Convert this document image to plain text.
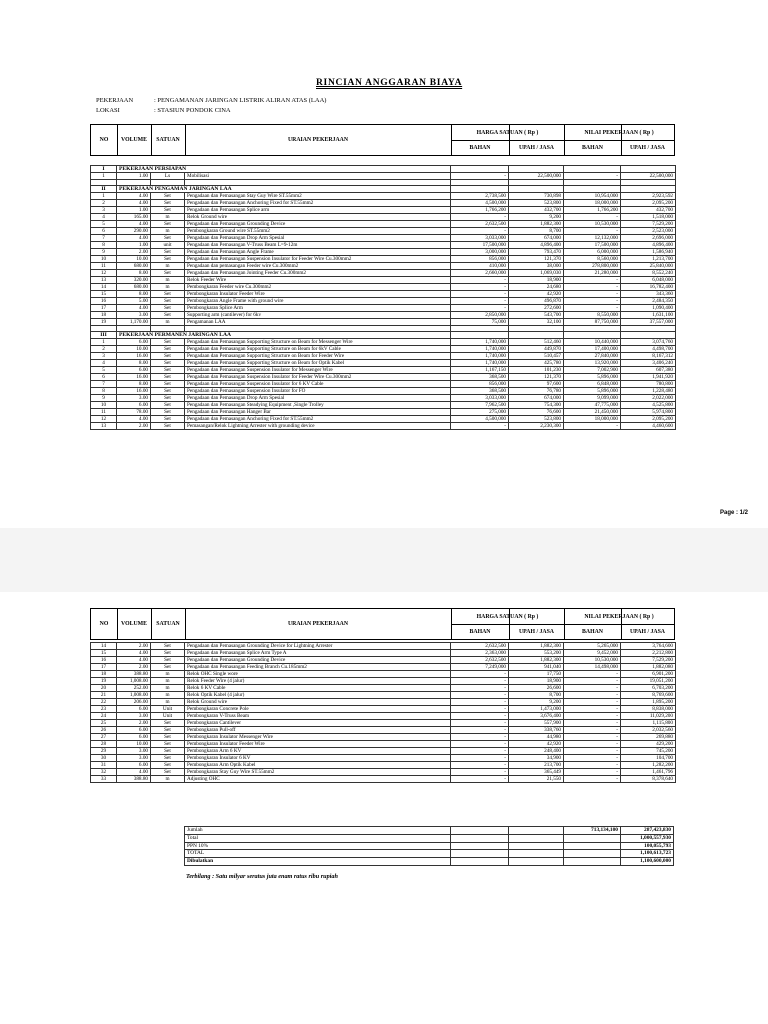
RINCIAN ANGGARAN BIAYA
PEKERJAAN	: PENGAMANAN JARINGAN LISTRIK ALIRAN ATAS (LAA)
LOKASI	: STASIUN PONDOK CINA
NO	VOLUME	SATUAN	URAIAN PEKERJAAN
HARGA SATUAN ( Rp )	NILAI PEKERJAAN ( Rp )
BAHAN	UPAH / JASA	BAHAN	UPAH / JASA
I	PEKERJAAN PERSIAPAN						
1	1.00	Ls	Mobilisasi	-	22,500,000	-	22,500,000

II	PEKERJAAN PENGAMAN JARINGAN LAA						
1	4.00	Set	Pengadaan dan Pemasangan Stay Guy Wire ST.55mm2	2,738,500	730,898	10,954,000	2,923,592
2	4.00	Set	Pengadaan dan Pemasangan Anchoring Fixed for ST.55mm2	4,500,000	523,800	18,000,000	2,095,200
3	1.00	Set	Pengadaan dan Pemasangan Splice arm	1,766,200	432,700	1,766,200	432,700
4	165.00	m	Relok Ground wire	-	9,200	-	1,518,000
5	4.00	Set	Pengadaan dan Pemasangan Grounding Device	2,632,500	1,882,300	10,530,000	7,529,200
6	290.00	m	Pembongkaran Ground wire ST.55mm2	-	8,700	-	2,523,000
7	4.00	Set	Pengadaan dan Pemasangan Drop Arm Spesial	3,033,000	674,000	12,132,000	2,696,000
8	1.00	unit	Pengadaan dan Pemasangan V-Truss Beam L=9-12m	17,500,000	4,896,400	17,500,000	4,896,400
9	2.00	Set	Pengadaan dan Pemasangan Angle Frame	3,000,000	793,470	6,000,000	1,586,940
10	10.00	Set	Pengadaan dan Pemasangan Suspension Insulator for Feeder Wire Cu.300mm2	856,000	121,370	8,560,000	1,213,700
11	680.00	m	Pengadaan dan pemasangan Feeder wire Cu.300mm2	410,000	38,000	278,800,000	25,840,000
12	8.00	Set	Pengadaan dan Pemasangan Jointing Feeder Cu.300mm2	2,660,000	1,069,030	21,280,000	8,552,240
13	320.00	m	Relok Feeder Wire	-	18,900	-	6,048,000
14	680.00	m	Pembongkaran Feeder wire Cu.300mm2	-	24,680	-	16,782,400
15	8.00	Set	Pembongkaran Insulator Feeder Wire	-	42,920	-	343,360
16	5.00	Set	Pembongkaran Angle Frame with ground wire	-	496,870	-	2,484,350
17	4.00	Set	Pembongkaran Splice Arm	-	272,600	-	1,090,400
18	3.00	Set	Supporting arm (cantilever) for 6kv	2,850,000	543,700	8,550,000	1,631,100
19	1,170.00	m	Pengamanan LAA	75,000	32,100	87,750,000	37,557,000

III	PEKERJAAN PERMANEN JARINGAN LAA						
1	6.00	Set	Pengadaan dan Pemasangan Supporting Structure on Beam for Messenger Wire	1,740,000	512,460	10,440,000	3,074,760
2	10.00	Set	Pengadaan dan Pemasangan Supporting Structure on Beam for 6kV Cable	1,740,000	449,870	17,400,000	4,498,700
3	16.00	Set	Pengadaan dan Pemasangan Supporting Structure on Beam for Feeder Wire	1,740,000	510,457	27,840,000	8,167,312
4	8.00	Set	Pengadaan dan Pemasangan Supporting Structure on Beam for Optik Kabel	1,740,000	425,780	13,920,000	3,406,240
5	6.00	Set	Pengadaan dan Pemasangan Suspension Insulator for Messenger Wire	1,167,150	101,230	7,002,900	607,380
6	16.00	Set	Pengadaan dan Pemasangan Suspension Insulator for Feeder Wire Cu.300mm2	368,500	121,370	5,896,000	1,941,920
7	8.00	Set	Pengadaan dan Pemasangan Suspension Insulator for 6 KV Cable	856,000	97,600	6,848,000	780,800
8	16.00	Set	Pengadaan dan Pemasangan Suspension Insulator for FO	368,500	76,780	5,896,000	1,228,480
9	3.00	Set	Pengadaan dan Pemasangan Drop Arm Spesial	3,033,000	674,000	9,099,000	2,022,000
10	6.00	Set	Pengadaan dan Pemasangan Steadying Equipment ,Single Trolley	7,962,500	754,300	47,775,000	4,525,800
11	78.00	Set	Pengadaan dan Pemasangan Hanger Bar	275,000	76,600	21,450,000	5,974,800
12	4.00	Set	Pengadaan dan Pemasangan Anchoring Fixed for ST.55mm2	4,500,000	523,800	18,000,000	2,095,200
13	2.00	Set	Pemasangan/Relok Lightning Arrester with grounding device	-	2,230,300	-	4,460,600
Page : 1/2
NO	VOLUME	SATUAN	URAIAN PEKERJAAN
HARGA SATUAN ( Rp )	NILAI PEKERJAAN ( Rp )
BAHAN	UPAH / JASA	BAHAN	UPAH / JASA
14	2.00	Set	Pengadaan dan Pemasangan Grounding Device for Lightning Arrester	2,632,500	1,882,300	5,265,000	3,764,600
15	4.00	Set	Pengadaan dan Pemasangan Splice Arm Type A	2,363,000	553,200	9,452,000	2,212,800
16	4.00	Set	Pengadaan dan Pemasangan Grounding Device	2,632,500	1,882,300	10,530,000	7,529,200
17	2.00	Set	Pengadaan dan Pemasangan Feeding Branch Cu.185mm2	7,249,000	941,040	14,498,000	1,882,080
18	388.80	m	Relok OHC Single wore	-	17,750	-	6,901,200
19	1,008.00	m	Relok Feeder Wire (4 jalur)	-	18,900	-	19,051,200
20	252.00	m	Relok 6 KV Cable	-	26,600	-	6,703,200
21	1,008.00	m	Relok Optik Kabel (4 jalur)	-	8,700	-	8,769,600
22	206.00	m	Relok Ground wire	-	9,200	-	1,895,200
23	6.00	Unit	Pembongkaran Concrete Pole	-	1,473,000	-	8,838,000
24	3.00	Unit	Pembongkaran V-Truss Beam	-	3,676,400	-	11,029,200
25	2.00	Set	Pembongkaran Cantilever	-	557,900	-	1,115,800
26	6.00	Set	Pembongkaran Pull-off	-	338,760	-	2,032,560
27	6.00	Set	Pembongkaran Insulator Messenger Wire	-	44,980	-	269,880
28	10.00	Set	Pembongkaran Insulator Feeder Wire	-	42,920	-	429,200
29	3.00	Set	Pembongkaran Arm 6 KV	-	248,400	-	745,200
30	3.00	Set	Pembongkaran Insulator 6 KV	-	34,900	-	104,700
31	6.00	Set	Pembongkaran Arm Optik Kabel	-	213,700	-	1,282,200
32	4.00	Set	Pembongkaran Stay Guy Wire ST.55mm2	-	365,449	-	1,461,796
33	388.80	m	Adjusting OHC	-	21,550	-	8,378,640
Jumlah			713,134,100	287,423,830
Total				1,000,557,930
PPN 10%				100,055,793
TOTAL				1,100,613,723
Dibulatkan				1,100,600,000
Terbilang : Satu milyar seratus juta enam ratus ribu rupiah
